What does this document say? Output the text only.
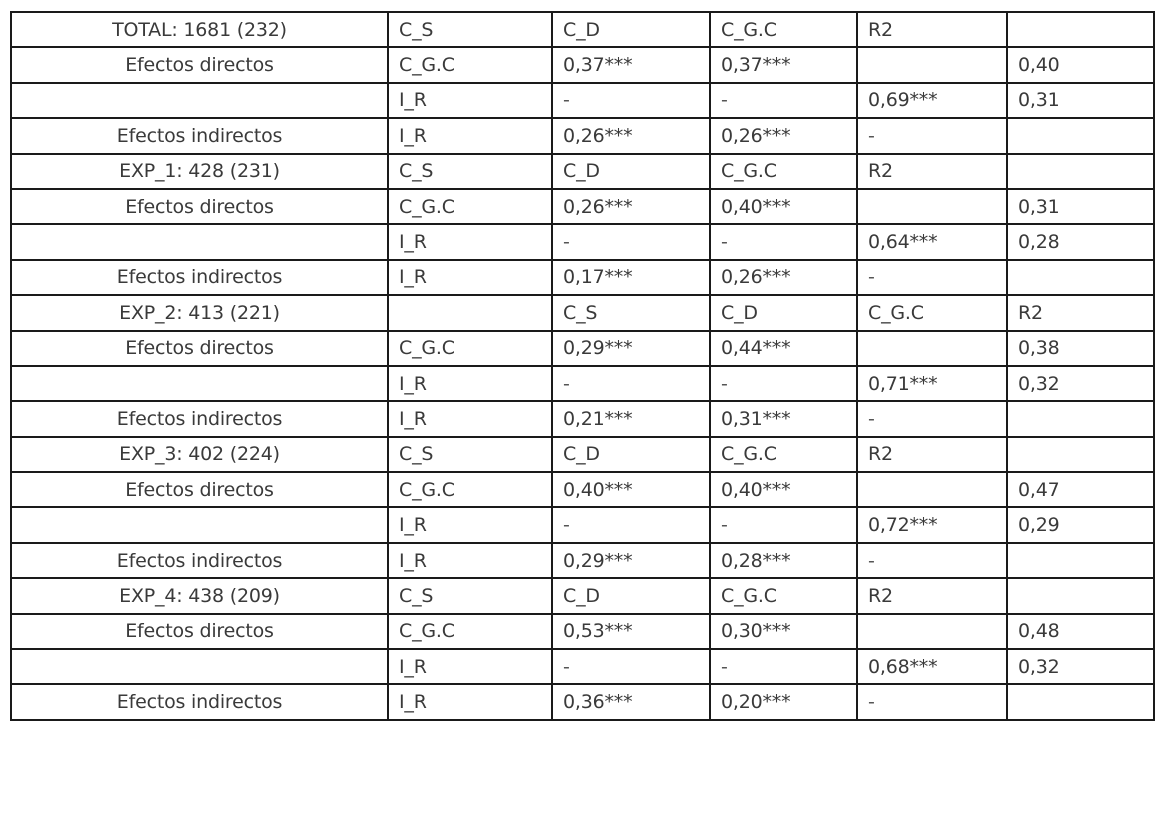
TOTAL: 1681 (232)	C_S	C_D	C_G.C	R2	
Efectos directos	C_G.C	0,37***	0,37***		0,40
	I_R	-	-	0,69***	0,31
Efectos indirectos	I_R	0,26***	0,26***	-	
EXP_1: 428 (231)	C_S	C_D	C_G.C	R2	
Efectos directos	C_G.C	0,26***	0,40***		0,31
	I_R	-	-	0,64***	0,28
Efectos indirectos	I_R	0,17***	0,26***	-	
EXP_2: 413 (221)		C_S	C_D	C_G.C	R2
Efectos directos	C_G.C	0,29***	0,44***		0,38
	I_R	-	-	0,71***	0,32
Efectos indirectos	I_R	0,21***	0,31***	-	
EXP_3: 402 (224)	C_S	C_D	C_G.C	R2	
Efectos directos	C_G.C	0,40***	0,40***		0,47
	I_R	-	-	0,72***	0,29
Efectos indirectos	I_R	0,29***	0,28***	-	
EXP_4: 438 (209)	C_S	C_D	C_G.C	R2	
Efectos directos	C_G.C	0,53***	0,30***		0,48
	I_R	-	-	0,68***	0,32
Efectos indirectos	I_R	0,36***	0,20***	-	
